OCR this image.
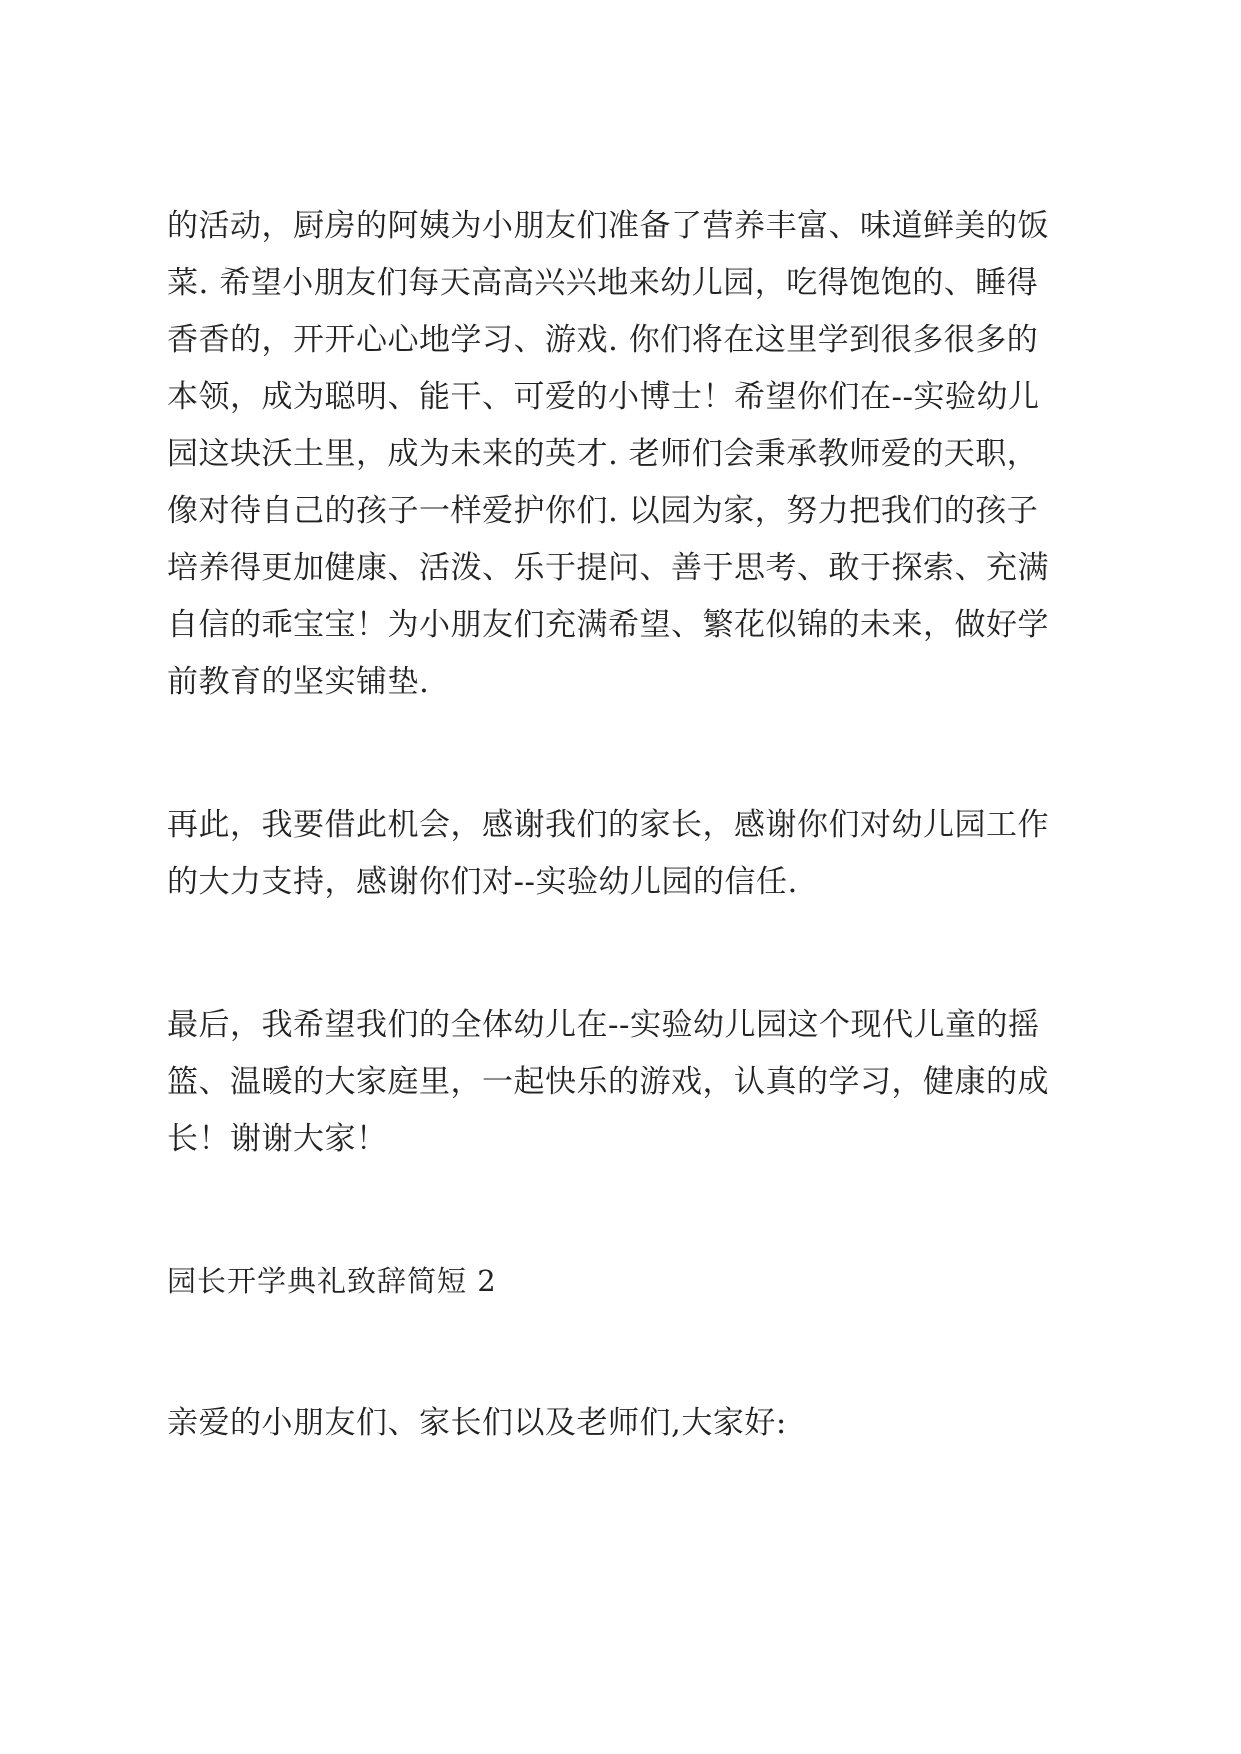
的活动，厨房的阿姨为小朋友们准备了营养丰富、味道鲜美的饭
菜. 希望小朋友们每天高高兴兴地来幼儿园，吃得饱饱的、睡得
香香的，开开心心地学习、游戏. 你们将在这里学到很多很多的
本领，成为聪明、能干、可爱的小博士！希望你们在--实验幼儿
园这块沃土里，成为未来的英才. 老师们会秉承教师爱的天职，
像对待自己的孩子一样爱护你们. 以园为家，努力把我们的孩子
培养得更加健康、活泼、乐于提问、善于思考、敢于探索、充满
自信的乖宝宝！为小朋友们充满希望、繁花似锦的未来，做好学
前教育的坚实铺垫.
再此，我要借此机会，感谢我们的家长，感谢你们对幼儿园工作
的大力支持，感谢你们对--实验幼儿园的信任.
最后，我希望我们的全体幼儿在--实验幼儿园这个现代儿童的摇
篮、温暖的大家庭里，一起快乐的游戏，认真的学习，健康的成
长！谢谢大家！
园长开学典礼致辞简短 2
亲爱的小朋友们、家长们以及老师们,大家好:
